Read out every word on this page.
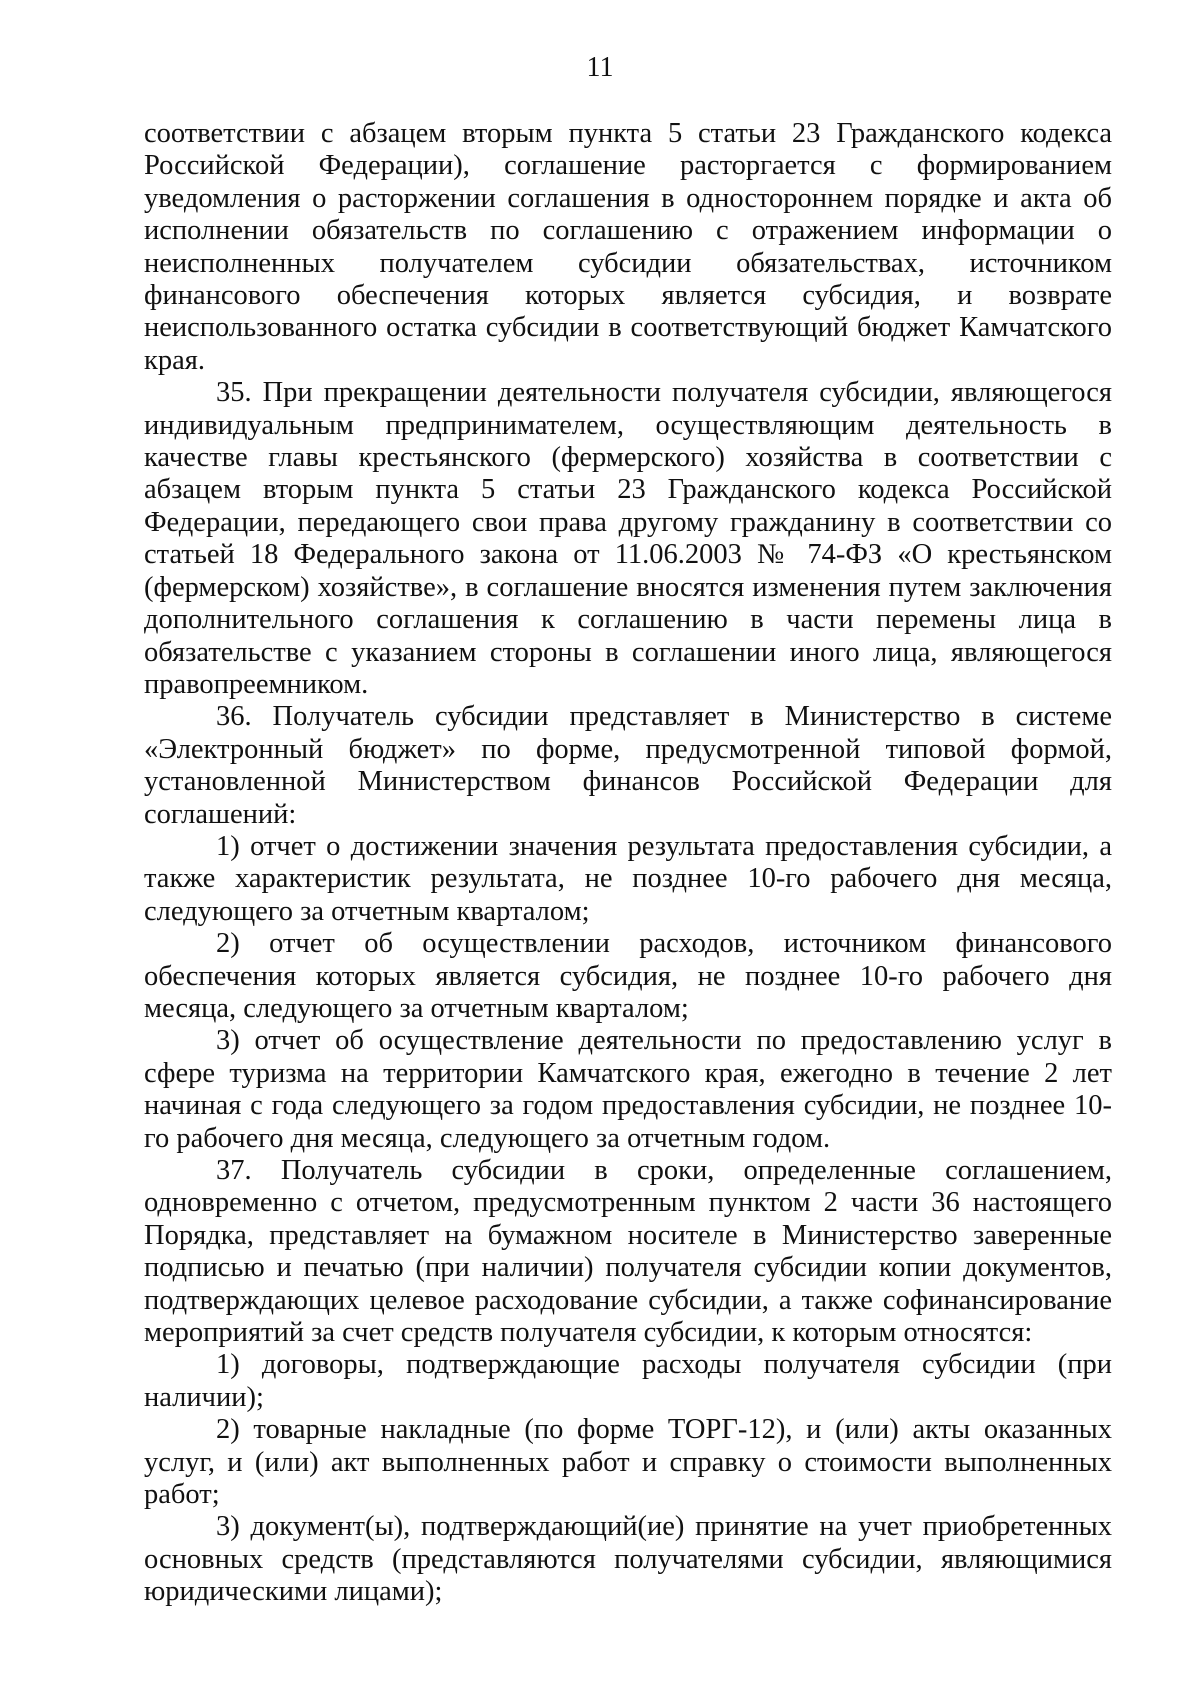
11

соответствии с абзацем вторым пункта 5 статьи 23 Гражданского кодекса Российской Федерации), соглашение расторгается с формированием уведомления о расторжении соглашения в одностороннем порядке и акта об исполнении обязательств по соглашению с отражением информации о неисполненных получателем субсидии обязательствах, источником финансового обеспечения которых является субсидия, и возврате неиспользованного остатка субсидии в соответствующий бюджет Камчатского края.

35. При прекращении деятельности получателя субсидии, являющегося индивидуальным предпринимателем, осуществляющим деятельность в качестве главы крестьянского (фермерского) хозяйства в соответствии с абзацем вторым пункта 5 статьи 23 Гражданского кодекса Российской Федерации, передающего свои права другому гражданину в соответствии со статьей 18 Федерального закона от 11.06.2003 № 74-ФЗ «О крестьянском (фермерском) хозяйстве», в соглашение вносятся изменения путем заключения дополнительного соглашения к соглашению в части перемены лица в обязательстве с указанием стороны в соглашении иного лица, являющегося правопреемником.

36. Получатель субсидии представляет в Министерство в системе «Электронный бюджет» по форме, предусмотренной типовой формой, установленной Министерством финансов Российской Федерации для соглашений:

1) отчет о достижении значения результата предоставления субсидии, а также характеристик результата, не позднее 10-го рабочего дня месяца, следующего за отчетным кварталом;

2) отчет об осуществлении расходов, источником финансового обеспечения которых является субсидия, не позднее 10-го рабочего дня месяца, следующего за отчетным кварталом;

3) отчет об осуществление деятельности по предоставлению услуг в сфере туризма на территории Камчатского края, ежегодно в течение 2 лет начиная с года следующего за годом предоставления субсидии, не позднее 10-го рабочего дня месяца, следующего за отчетным годом.

37. Получатель субсидии в сроки, определенные соглашением, одновременно с отчетом, предусмотренным пунктом 2 части 36 настоящего Порядка, представляет на бумажном носителе в Министерство заверенные подписью и печатью (при наличии) получателя субсидии копии документов, подтверждающих целевое расходование субсидии, а также софинансирование мероприятий за счет средств получателя субсидии, к которым относятся:

1) договоры, подтверждающие расходы получателя субсидии (при наличии);

2) товарные накладные (по форме ТОРГ-12), и (или) акты оказанных услуг, и (или) акт выполненных работ и справку о стоимости выполненных работ;

3) документ(ы), подтверждающий(ие) принятие на учет приобретенных основных средств (представляются получателями субсидии, являющимися юридическими лицами);
